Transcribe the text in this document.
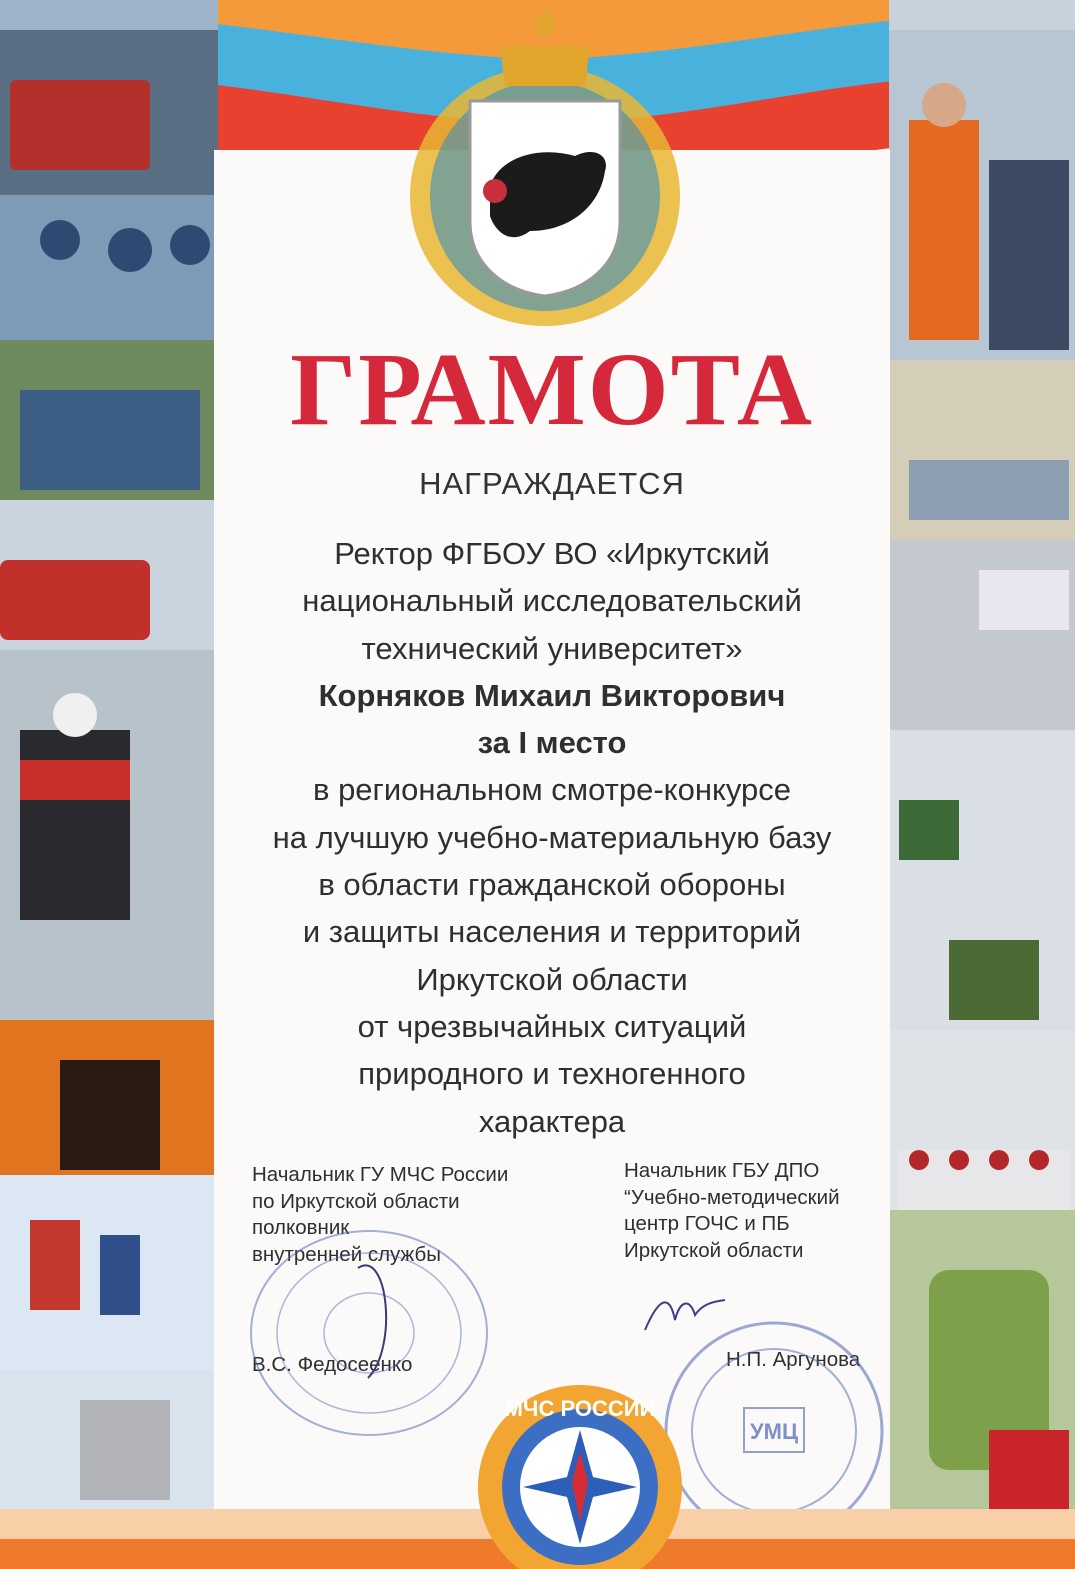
ГРАМОТА
НАГРАЖДАЕТСЯ
Ректор ФГБОУ ВО «Иркутский
национальный исследовательский
технический университет»
Корняков Михаил Викторович
за I место
в региональном смотре-конкурсе
на лучшую учебно-материальную базу
в области гражданской обороны
и защиты населения и территорий
Иркутской области
от чрезвычайных ситуаций
природного и техногенного
характера
Начальник ГУ МЧС России
по Иркутской области
полковник
внутренней службы
В.С. Федосеенко
Начальник ГБУ ДПО
“Учебно-методический
центр ГОЧС и ПБ
Иркутской области
Н.П. Аргунова
УМЦ
МЧС РОССИИ
